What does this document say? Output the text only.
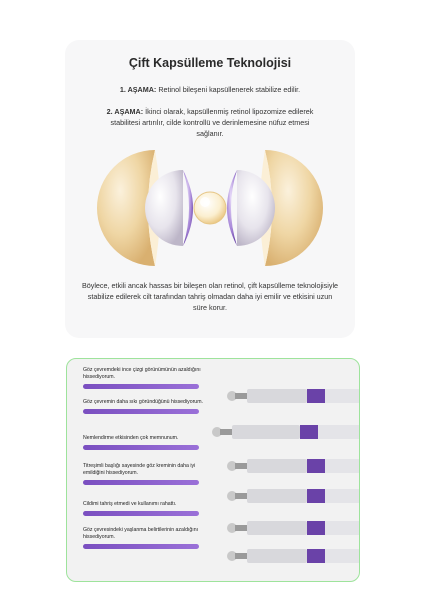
Çift Kapsülleme Teknolojisi
1. AŞAMA: Retinol bileşeni kapsüllenerek stabilize edilir.
2. AŞAMA: İkinci olarak, kapsüllenmiş retinol lipozomize edilerek stabilitesi artırılır, cilde kontrollü ve derinlemesine nüfuz etmesi sağlanır.
Böylece, etkili ancak hassas bir bileşen olan retinol, çift kapsülleme teknolojisiyle stabilize edilerek cilt tarafından tahriş olmadan daha iyi emilir ve etkisini uzun süre korur.
Göz çevremdeki ince çizgi görünümünün azaldığını hissediyorum.
Göz çevremin daha sıkı göründüğünü hissediyorum.
Nemlendirme etkisinden çok memnunum.
Titreşimli başlığı sayesinde göz kreminin daha iyi emildiğini hissediyorum.
Cildimi tahriş etmedi ve kullanımı rahattı.
Göz çevresindeki yaşlanma belirtilerinin azaldığını hissediyorum.
